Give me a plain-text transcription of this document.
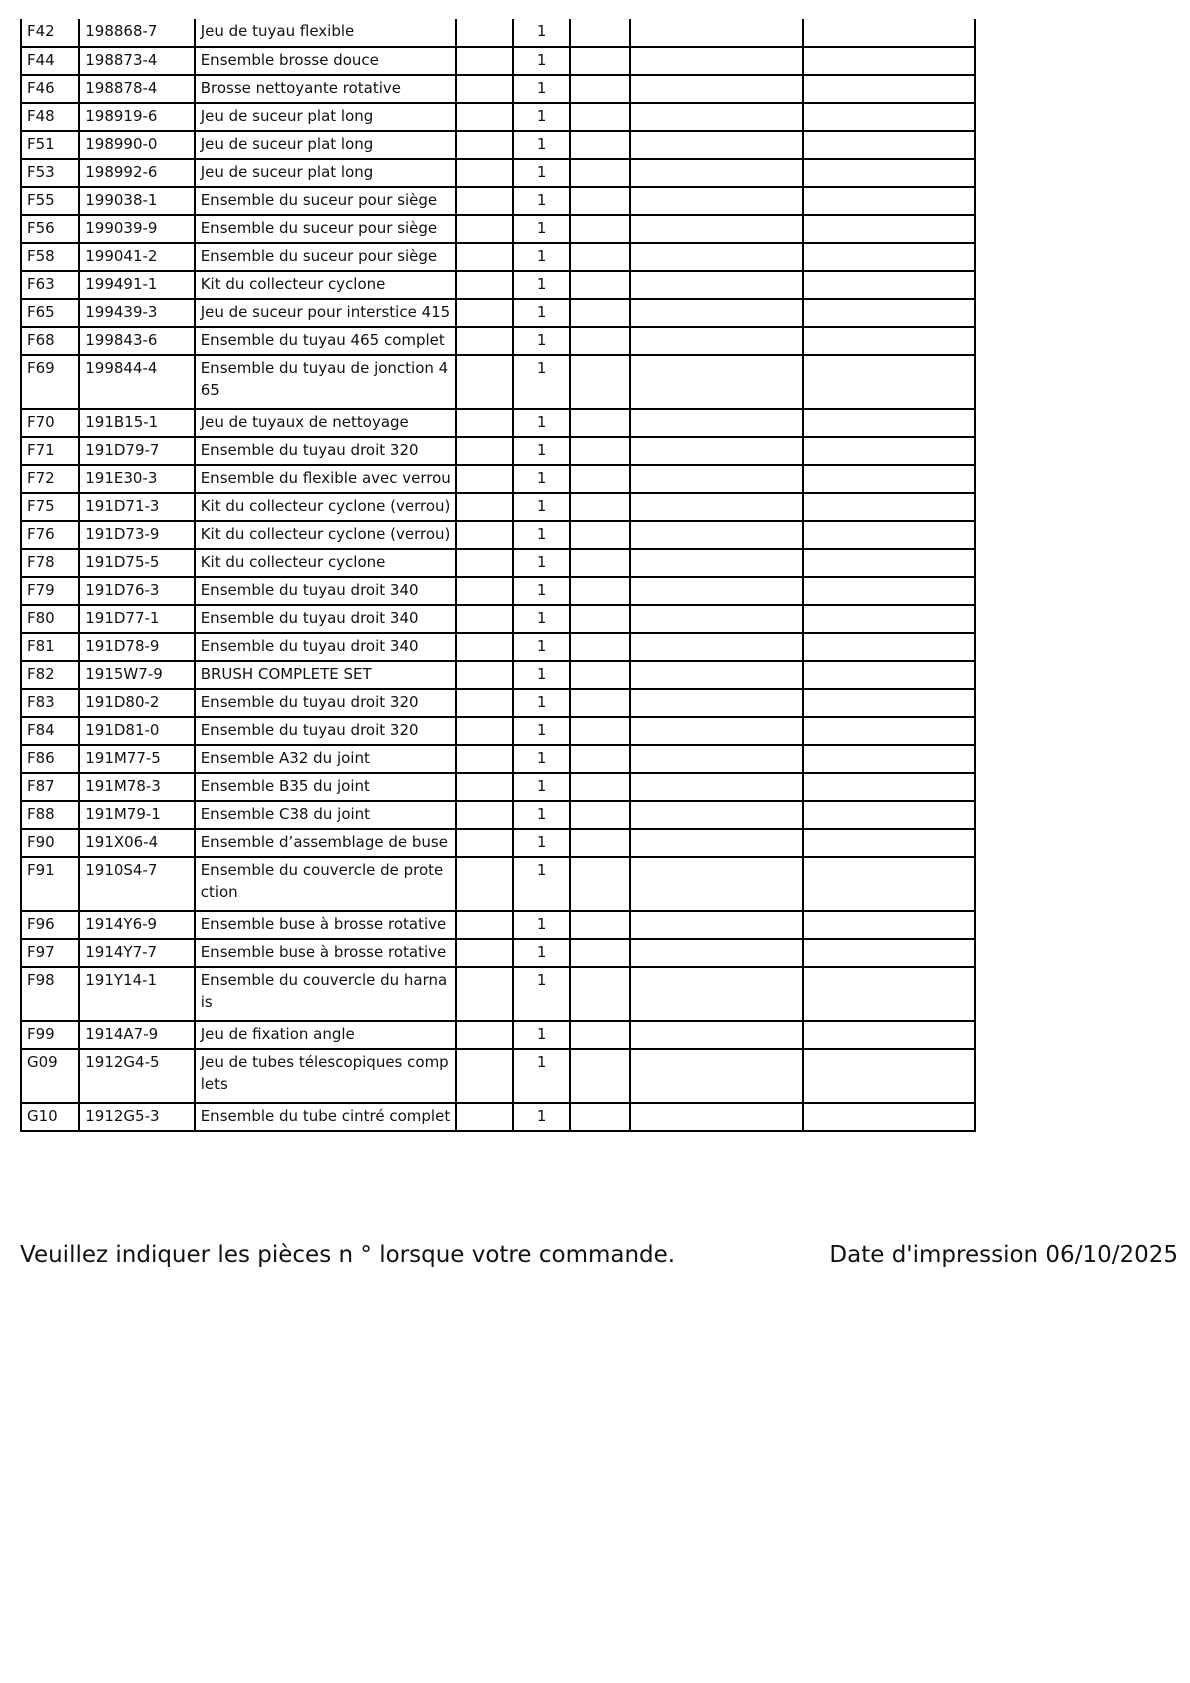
F42	198868-7	Jeu de tuyau flexible		1			
F44	198873-4	Ensemble brosse douce		1			
F46	198878-4	Brosse nettoyante rotative		1			
F48	198919-6	Jeu de suceur plat long		1			
F51	198990-0	Jeu de suceur plat long		1			
F53	198992-6	Jeu de suceur plat long		1			
F55	199038-1	Ensemble du suceur pour siège		1			
F56	199039-9	Ensemble du suceur pour siège		1			
F58	199041-2	Ensemble du suceur pour siège		1			
F63	199491-1	Kit du collecteur cyclone		1			
F65	199439-3	Jeu de suceur pour interstice 415		1			
F68	199843-6	Ensemble du tuyau 465 complet		1			
F69	199844-4	Ensemble du tuyau de jonction 4 65		1			
F70	191B15-1	Jeu de tuyaux de nettoyage		1			
F71	191D79-7	Ensemble du tuyau droit 320		1			
F72	191E30-3	Ensemble du flexible avec verrou		1			
F75	191D71-3	Kit du collecteur cyclone (verrou)		1			
F76	191D73-9	Kit du collecteur cyclone (verrou)		1			
F78	191D75-5	Kit du collecteur cyclone		1			
F79	191D76-3	Ensemble du tuyau droit 340		1			
F80	191D77-1	Ensemble du tuyau droit 340		1			
F81	191D78-9	Ensemble du tuyau droit 340		1			
F82	1915W7-9	BRUSH COMPLETE SET		1			
F83	191D80-2	Ensemble du tuyau droit 320		1			
F84	191D81-0	Ensemble du tuyau droit 320		1			
F86	191M77-5	Ensemble A32 du joint		1			
F87	191M78-3	Ensemble B35 du joint		1			
F88	191M79-1	Ensemble C38 du joint		1			
F90	191X06-4	Ensemble d’assemblage de buse		1			
F91	1910S4-7	Ensemble du couvercle de prote ction		1			
F96	1914Y6-9	Ensemble buse à brosse rotative		1			
F97	1914Y7-7	Ensemble buse à brosse rotative		1			
F98	191Y14-1	Ensemble du couvercle du harna is		1			
F99	1914A7-9	Jeu de fixation angle		1			
G09	1912G4-5	Jeu de tubes télescopiques comp lets		1			
G10	1912G5-3	Ensemble du tube cintré complet		1			
Veuillez indiquer les pièces n ° lorsque votre commande.	Date d'impression 06/10/2025
